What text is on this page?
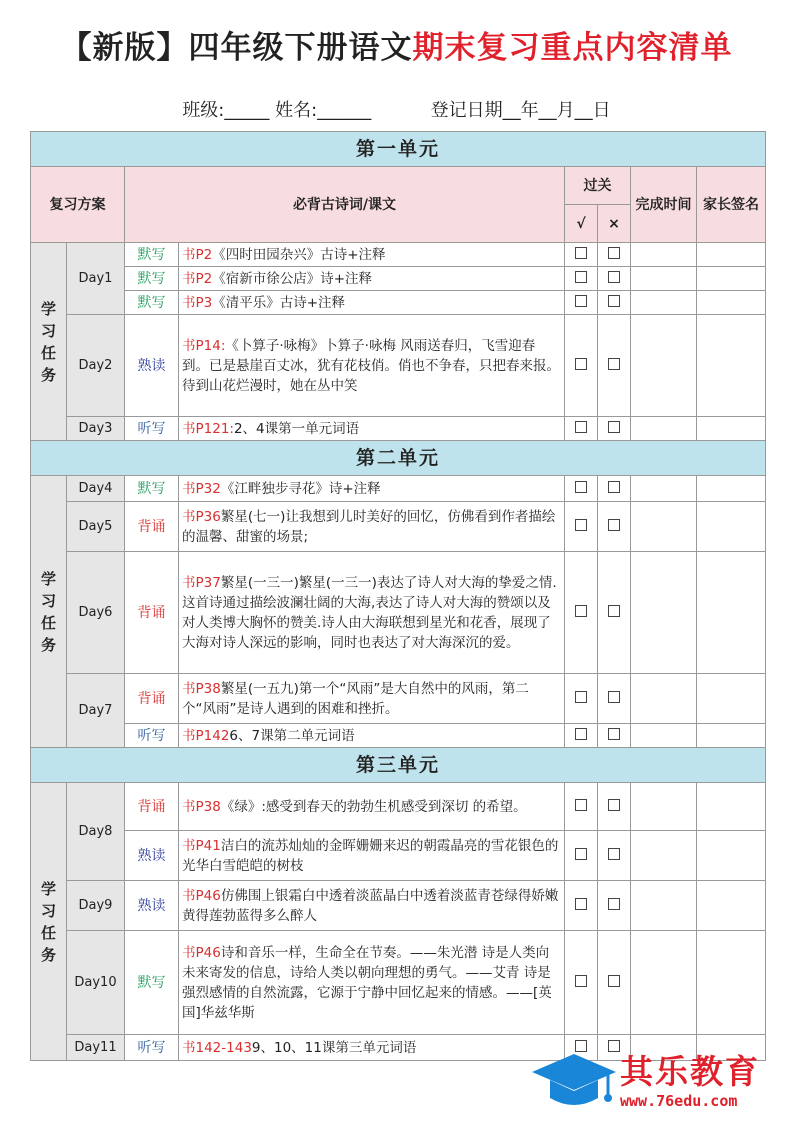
【新版】四年级下册语文期末复习重点内容清单
班级:_____ 姓名:______	登记日期__年__月__日
第一单元							
复习方案		必背古诗词/课文		过关		完成时间	家长签名
				√	×		

学
习
任
务	Day1	默写	书P2《四时田园杂兴》古诗+注释				
		默写	书P2《宿新市徐公店》诗+注释				
		默写	书P3《清平乐》古诗+注释				
	Day2	熟读	书P14:《卜算子·咏梅》卜算子·咏梅 风雨送春归，飞雪迎春到。已是悬崖百丈冰，犹有花枝俏。俏也不争春，只把春来报。待到山花烂漫时，她在丛中笑				
	Day3	听写	书P121:2、4课第一单元词语				
第二单元							

学
习
任
务	Day4	默写	书P32《江畔独步寻花》诗+注释				
	Day5	背诵	书P36繁星(七一)让我想到儿时美好的回忆，仿佛看到作者描绘的温馨、甜蜜的场景;				
	Day6	背诵	书P37繁星(一三一)繁星(一三一)表达了诗人对大海的挚爱之情.这首诗通过描绘波澜壮阔的大海,表达了诗人对大海的赞颂以及对人类博大胸怀的赞美.诗人由大海联想到星光和花香，展现了大海对诗人深远的影响，同时也表达了对大海深沉的爱。				
	Day7	背诵	书P38繁星(一五九)第一个“风雨”是大自然中的风雨，第二个“风雨”是诗人遇到的困难和挫折。				
		听写	书P1426、7课第二单元词语				
第三单元							

学
习
任
务	Day8	背诵	书P38《绿》:感受到春天的勃勃生机感受到深切 的希望。				
		熟读	书P41洁白的流苏灿灿的金晖姗姗来迟的朝霞晶亮的雪花银色的光华白雪皑皑的树枝				
	Day9	熟读	书P46仿佛围上银霜白中透着淡蓝晶白中透着淡蓝青苍绿得娇嫩黄得莲勃蓝得多么醉人				
	Day10	默写	书P46诗和音乐一样，生命全在节奏。——朱光潜 诗是人类向未来寄发的信息，诗给人类以朝向理想的勇气。——艾青 诗是强烈感情的自然流露，它源于宁静中回忆起来的情感。——[英国]华兹华斯				
	Day11	听写	书142-1439、10、11课第三单元词语				
其乐教育
www.76edu.com
